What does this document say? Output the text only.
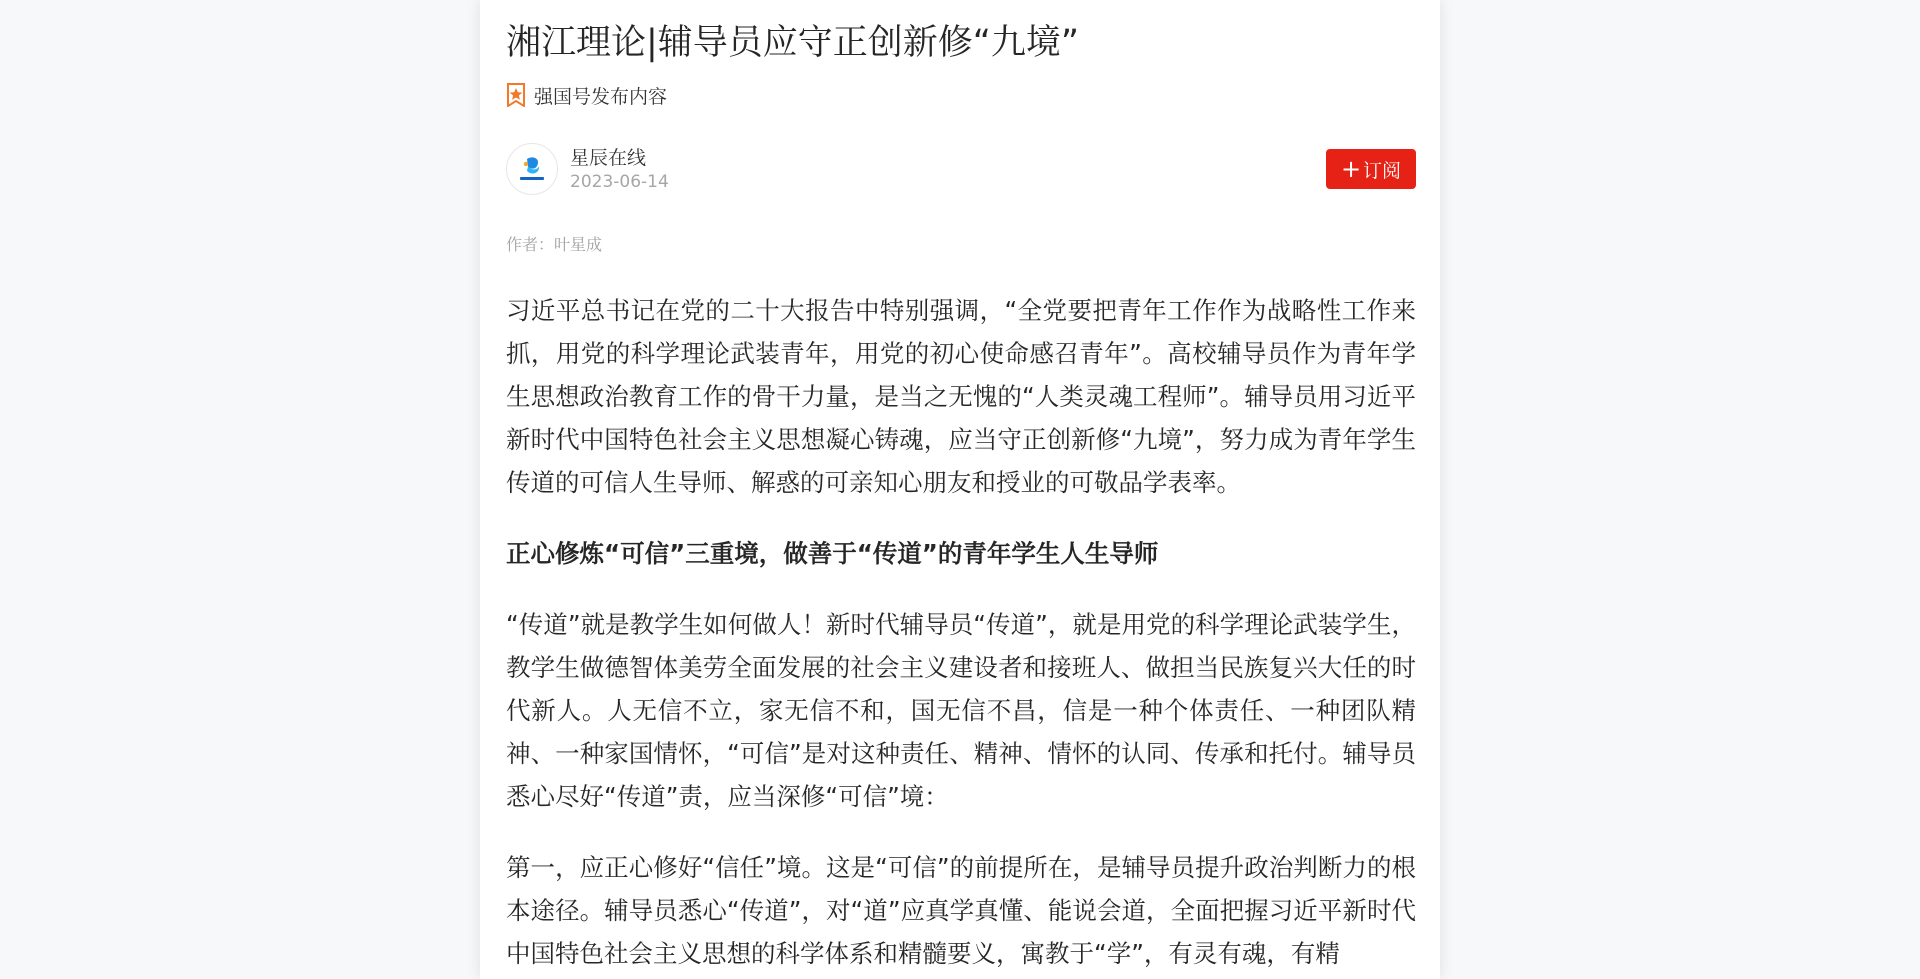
湘江理论|辅导员应守正创新修“九境”
强国号发布内容
星辰在线
2023-06-14	+ 订阅
作者：叶星成

习近平总书记在党的二十大报告中特别强调，“全党要把青年工作作为战略性工作来抓，用党的科学理论武装青年，用党的初心使命感召青年”。高校辅导员作为青年学生思想政治教育工作的骨干力量，是当之无愧的“人类灵魂工程师”。辅导员用习近平新时代中国特色社会主义思想凝心铸魂，应当守正创新修“九境”，努力成为青年学生传道的可信人生导师、解惑的可亲知心朋友和授业的可敬品学表率。

正心修炼“可信”三重境，做善于“传道”的青年学生人生导师

“传道”就是教学生如何做人！新时代辅导员“传道”，就是用党的科学理论武装学生，教学生做德智体美劳全面发展的社会主义建设者和接班人、做担当民族复兴大任的时代新人。人无信不立，家无信不和，国无信不昌，信是一种个体责任、一种团队精神、一种家国情怀，“可信”是对这种责任、精神、情怀的认同、传承和托付。辅导员悉心尽好“传道”责，应当深修“可信”境：

第一，应正心修好“信任”境。这是“可信”的前提所在，是辅导员提升政治判断力的根本途径。辅导员悉心“传道”，对“道”应真学真懂、能说会道，全面把握习近平新时代中国特色社会主义思想的科学体系和精髓要义，寓教于“学”，有灵有魂，有精
